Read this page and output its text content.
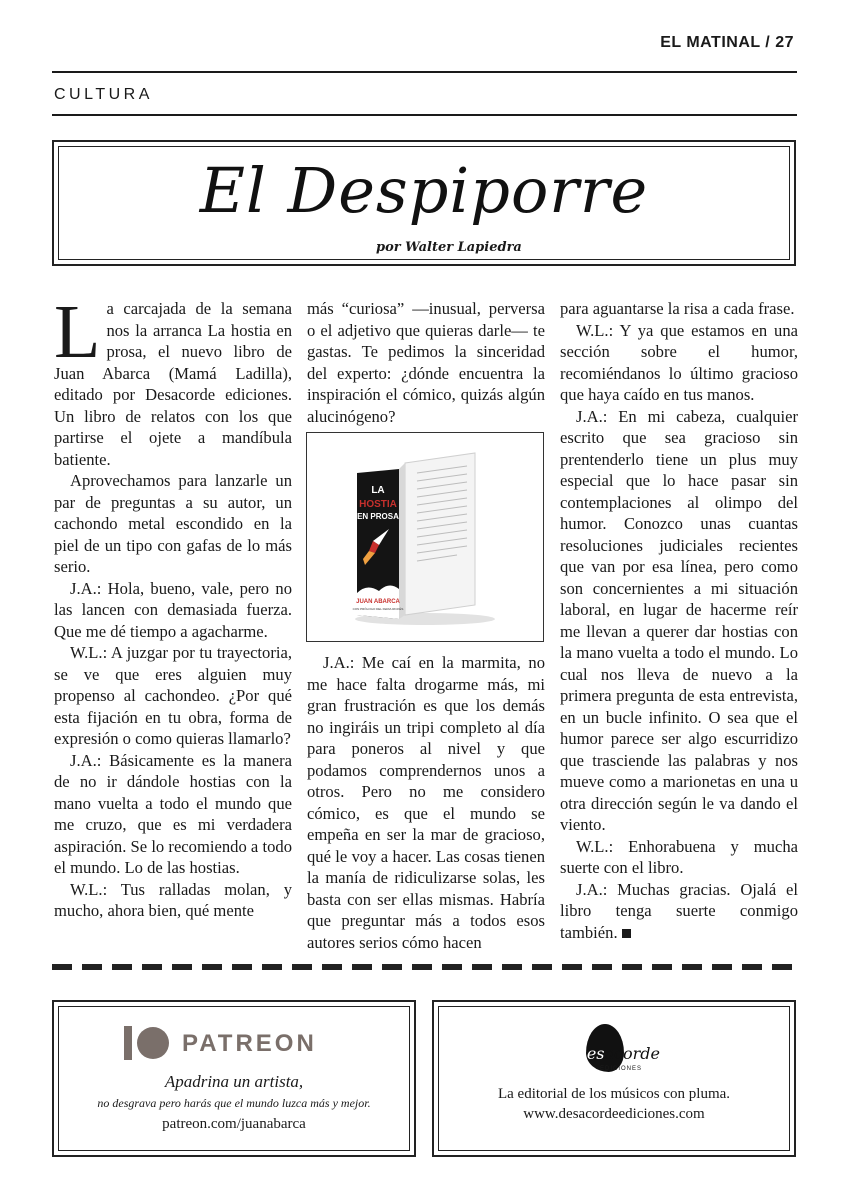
EL MATINAL / 27
CULTURA
El Despiporre
por Walter Lapiedra

La carcajada de la semana nos la arranca La hostia en prosa, el nuevo libro de Juan Abarca (Mamá Ladilla), editado por Desacorde ediciones. Un libro de relatos con los que partirse el ojete a mandíbula batiente.

Aprovechamos para lanzarle un par de preguntas a su autor, un cachondo metal escondido en la piel de un tipo con gafas de lo más serio.

J.A.: Hola, bueno, vale, pero no las lancen con demasiada fuerza. Que me dé tiempo a agacharme.

W.L.: A juzgar por tu trayectoria, se ve que eres alguien muy propenso al cachondeo. ¿Por qué esta fijación en tu obra, forma de expresión o como quieras llamarlo?

J.A.: Básicamente es la manera de no ir dándole hostias con la mano vuelta a todo el mundo que me cruzo, que es mi verdadera aspiración. Se lo recomiendo a todo el mundo. Lo de las hostias.

W.L.: Tus ralladas molan, y mucho, ahora bien, qué mente

más “curiosa” —inusual, perversa o el adjetivo que quieras darle— te gastas. Te pedimos la sinceridad del experto: ¿dónde encuentra la inspiración el cómico, quizás algún alucinógeno?

LA
HOSTIA
EN PROSA
JUAN ABARCA
CON PRÓLOGO DEL FERIA RICKÉS

J.A.: Me caí en la marmita, no me hace falta drogarme más, mi gran frustración es que los demás no ingiráis un tripi completo al día para poneros al nivel y que podamos comprendernos unos a otros. Pero no me considero cómico, es que el mundo se empeña en ser la mar de gracioso, qué le voy a hacer. Las cosas tienen la manía de ridiculizarse solas, les basta con ser ellas mismas. Habría que preguntar más a todos esos autores serios cómo hacen

para aguantarse la risa a cada frase.

W.L.: Y ya que estamos en una sección sobre el humor, recomiéndanos lo último gracioso que haya caído en tus manos.

J.A.: En mi cabeza, cualquier escrito que sea gracioso sin prentenderlo tiene un plus muy especial que lo hace pasar sin contemplaciones al olimpo del humor. Conozco unas cuantas resoluciones judiciales recientes que van por esa línea, pero como son concernientes a mi situación laboral, en lugar de hacerme reír me llevan a querer dar hostias con la mano vuelta a todo el mundo. Lo cual nos lleva de nuevo a la primera pregunta de esta entrevista, en un bucle infinito. O sea que el humor parece ser algo escurridizo que trasciende las palabras y nos mueve como a marionetas en una u otra dirección según le va dando el viento.

W.L.: Enhorabuena y mucha suerte con el libro.

J.A.: Muchas gracias. Ojalá el libro tenga suerte conmigo también.

PATREON
Apadrina un artista,
no desgrava pero harás que el mundo luzca más y mejor.
patreon.com/juanabarca
Desacorde
EDICIONES
La editorial de los músicos con pluma.
www.desacordeediciones.com
